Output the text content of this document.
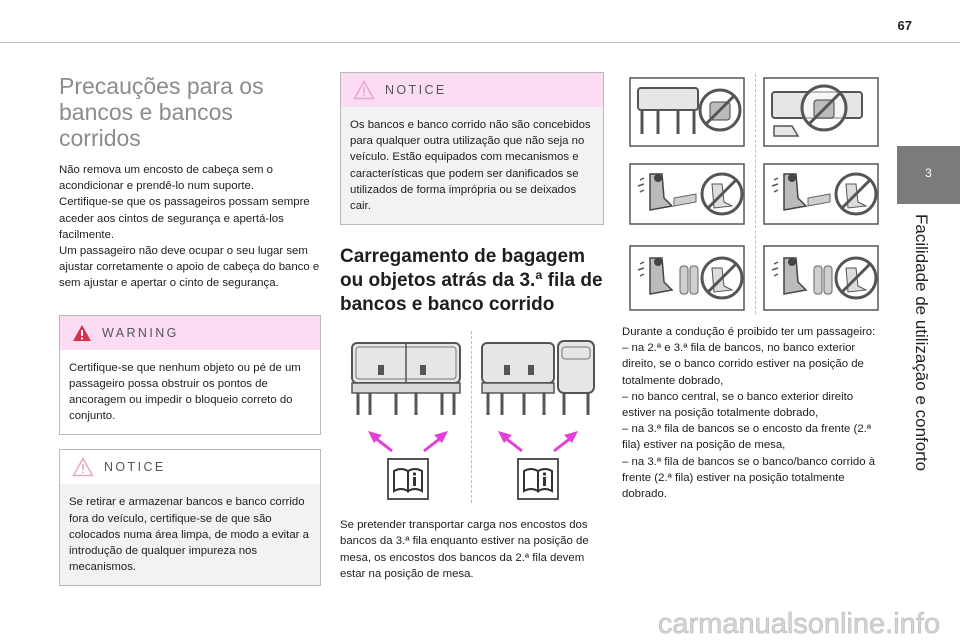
67
3
Facilidade de utilização e conforto
Precauções para os bancos e bancos corridos

Não remova um encosto de cabeça sem o acondicionar e prendê-lo num suporte.

Certifique-se que os passageiros possam sempre aceder aos cintos de segurança e apertá-los facilmente.

Um passageiro não deve ocupar o seu lugar sem ajustar corretamente o apoio de cabeça do banco e sem ajustar e apertar o cinto de segurança.

WARNING

Certifique-se que nenhum objeto ou pé de um passageiro possa obstruir os pontos de ancoragem ou impedir o bloqueio correto do conjunto.

NOTICE

Se retirar e armazenar bancos e banco corrido fora do veículo, certifique-se de que são colocados numa área limpa, de modo a evitar a introdução de qualquer impureza nos mecanismos.

NOTICE

Os bancos e banco corrido não são concebidos para qualquer outra utilização que não seja no veículo. Estão equipados com mecanismos e características que podem ser danificados se utilizados de forma imprópria ou se deixados cair.

Carregamento de bagagem ou objetos atrás da 3.ª fila de bancos e banco corrido

Se pretender transportar carga nos encostos dos bancos da 3.ª fila enquanto estiver na posição de mesa, os encostos dos bancos da 2.ª fila devem estar na posição de mesa.

Durante a condução é proibido ter um passageiro:

– na 2.ª e 3.ª fila de bancos, no banco exterior direito, se o banco corrido estiver na posição de totalmente dobrado,

– no banco central, se o banco exterior direito estiver na posição totalmente dobrado,

– na 3.ª fila de bancos se o encosto da frente (2.ª fila) estiver na posição de mesa,

– na 3.ª fila de bancos se o banco/banco corrido à frente (2.ª fila) estiver na posição totalmente dobrado.

carmanualsonline.info
